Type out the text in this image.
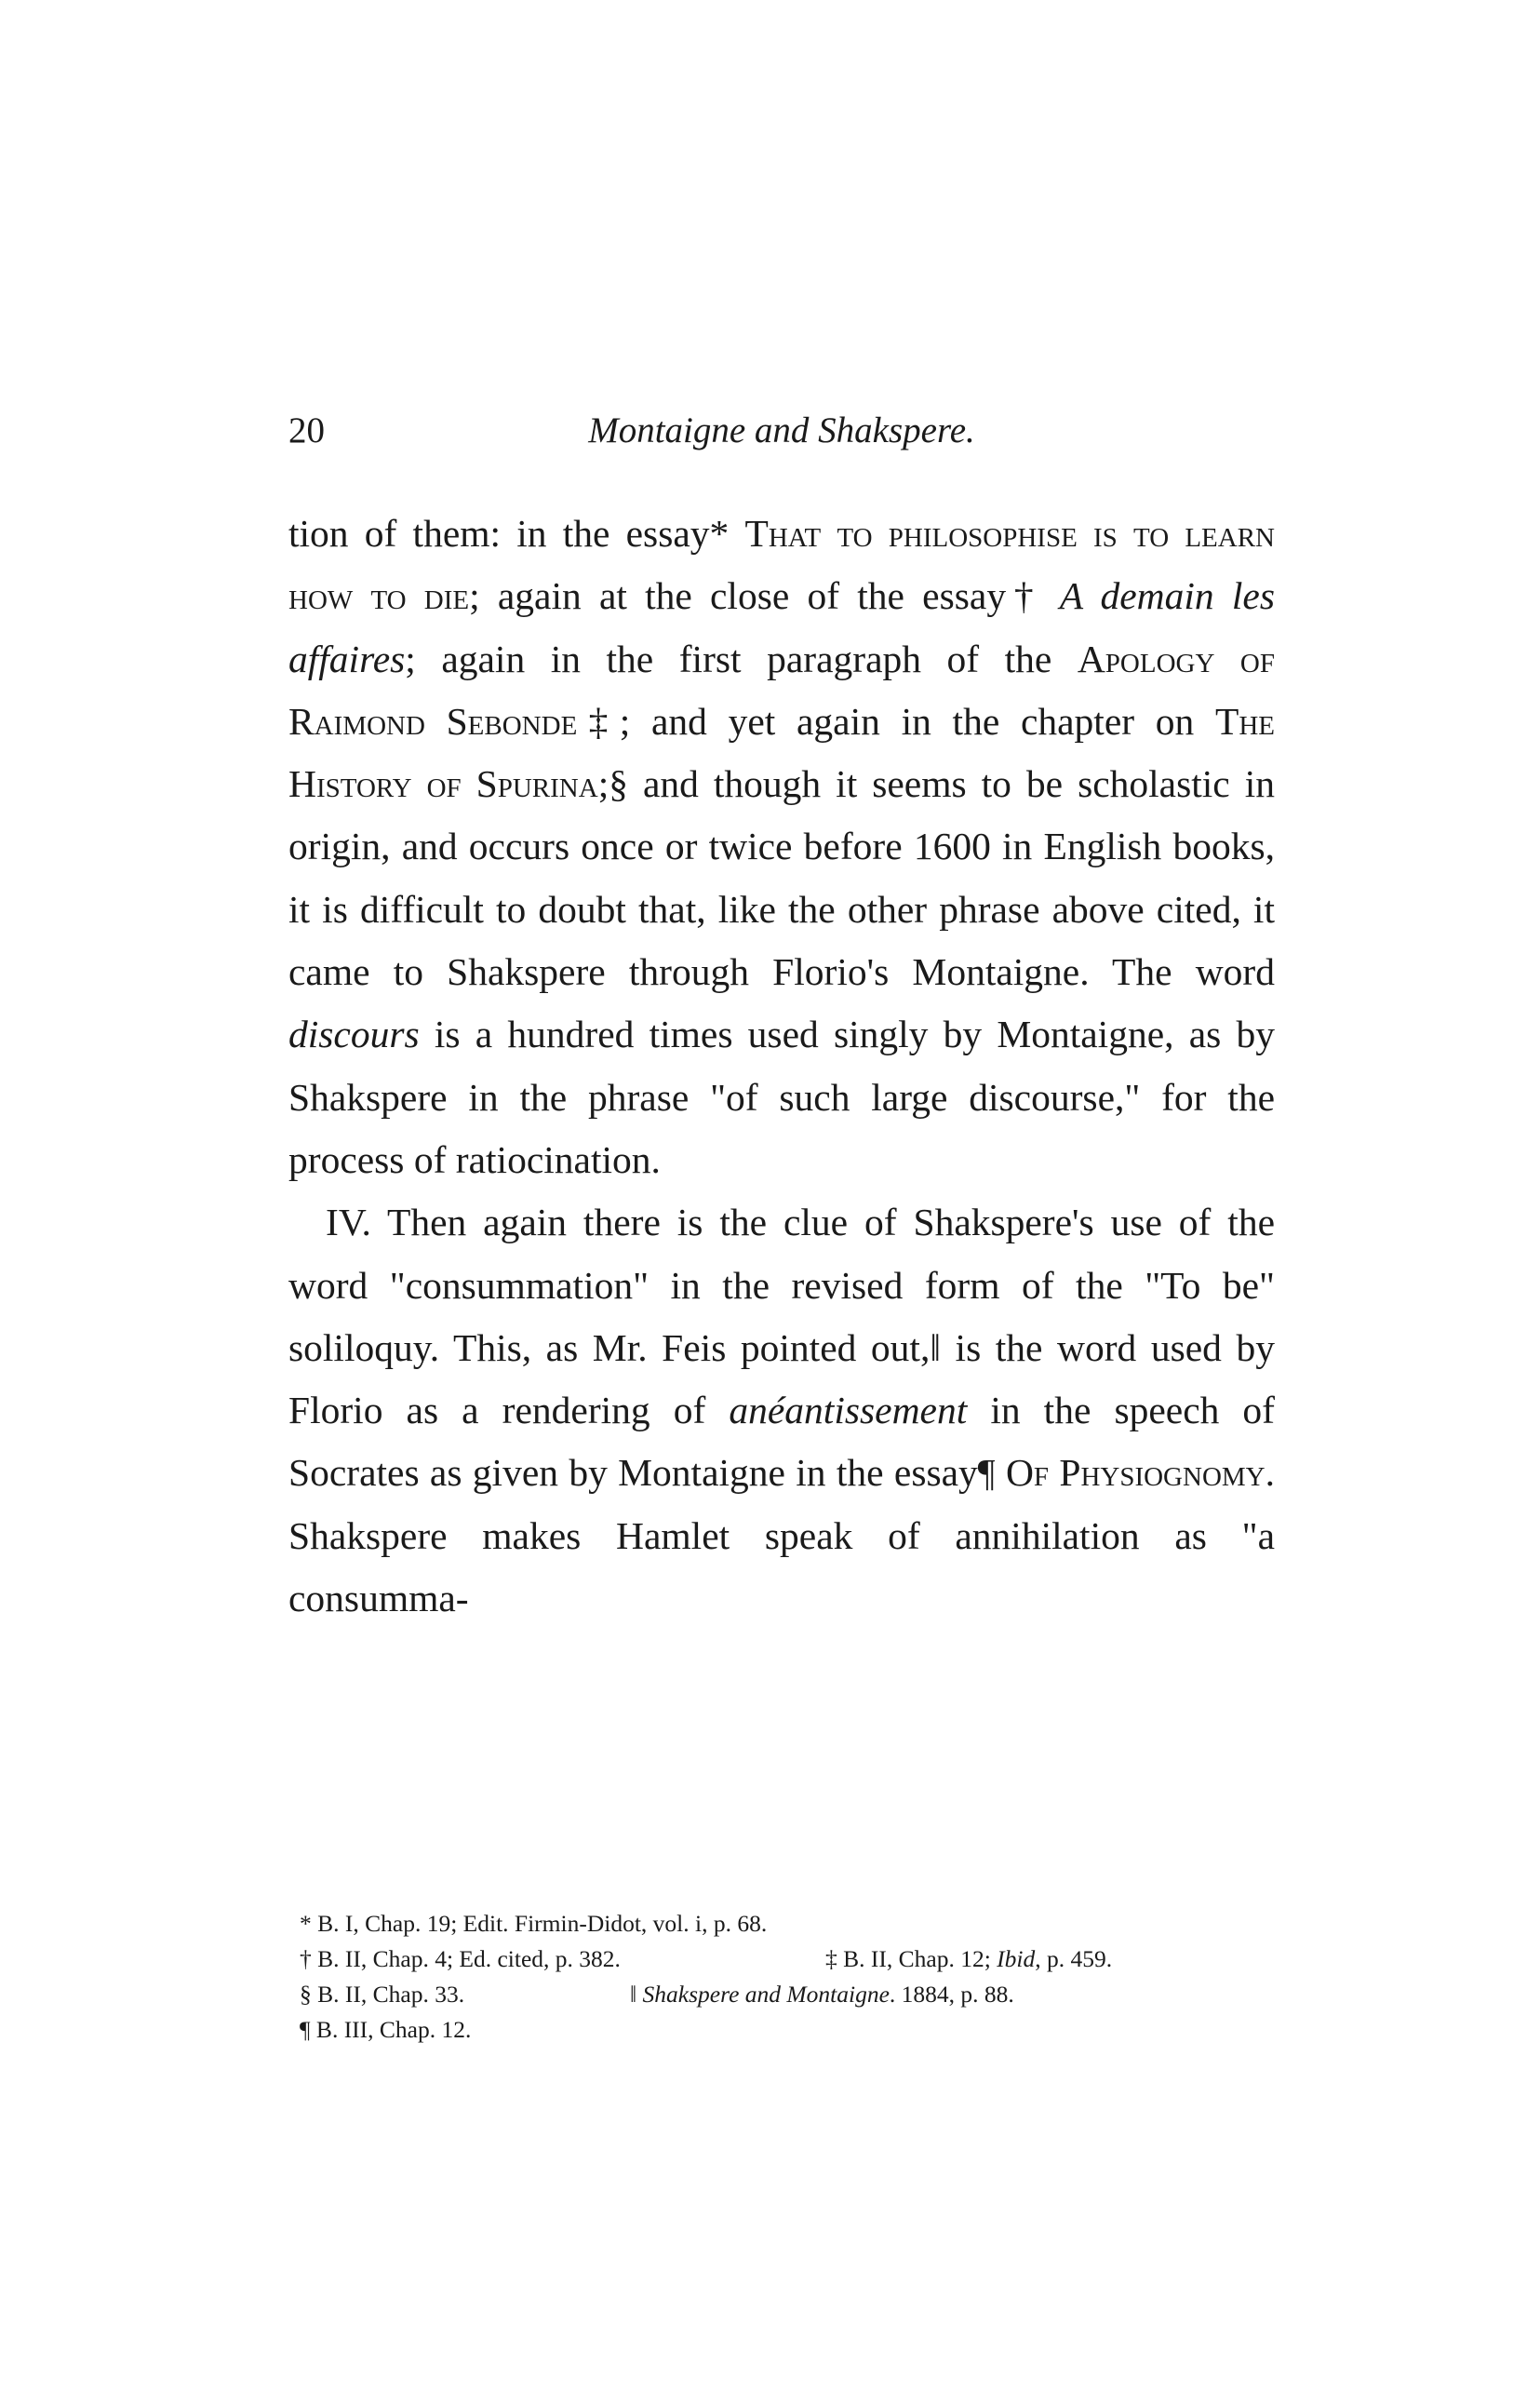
20	Montaigne and Shakspere.

tion of them: in the essay* That to philosophise is to learn how to die; again at the close of the essay† A demain les affaires; again in the first paragraph of the Apology of Raimond Sebonde‡; and yet again in the chapter on The History of Spurina;§ and though it seems to be scholastic in origin, and occurs once or twice before 1600 in English books, it is difficult to doubt that, like the other phrase above cited, it came to Shakspere through Florio's Montaigne. The word discours is a hundred times used singly by Montaigne, as by Shakspere in the phrase "of such large discourse," for the process of ratiocination.

IV. Then again there is the clue of Shakspere's use of the word "consummation" in the revised form of the "To be" soliloquy. This, as Mr. Feis pointed out,‖ is the word used by Florio as a rendering of anéantissement in the speech of Socrates as given by Montaigne in the essay¶ Of Physiognomy. Shakspere makes Hamlet speak of annihilation as "a consumma-

* B. I, Chap. 19; Edit. Firmin-Didot, vol. i, p. 68.
† B. II, Chap. 4; Ed. cited, p. 382.	‡ B. II, Chap. 12; Ibid, p. 459.
§ B. II, Chap. 33.	‖ Shakspere and Montaigne. 1884, p. 88.
¶ B. III, Chap. 12.
